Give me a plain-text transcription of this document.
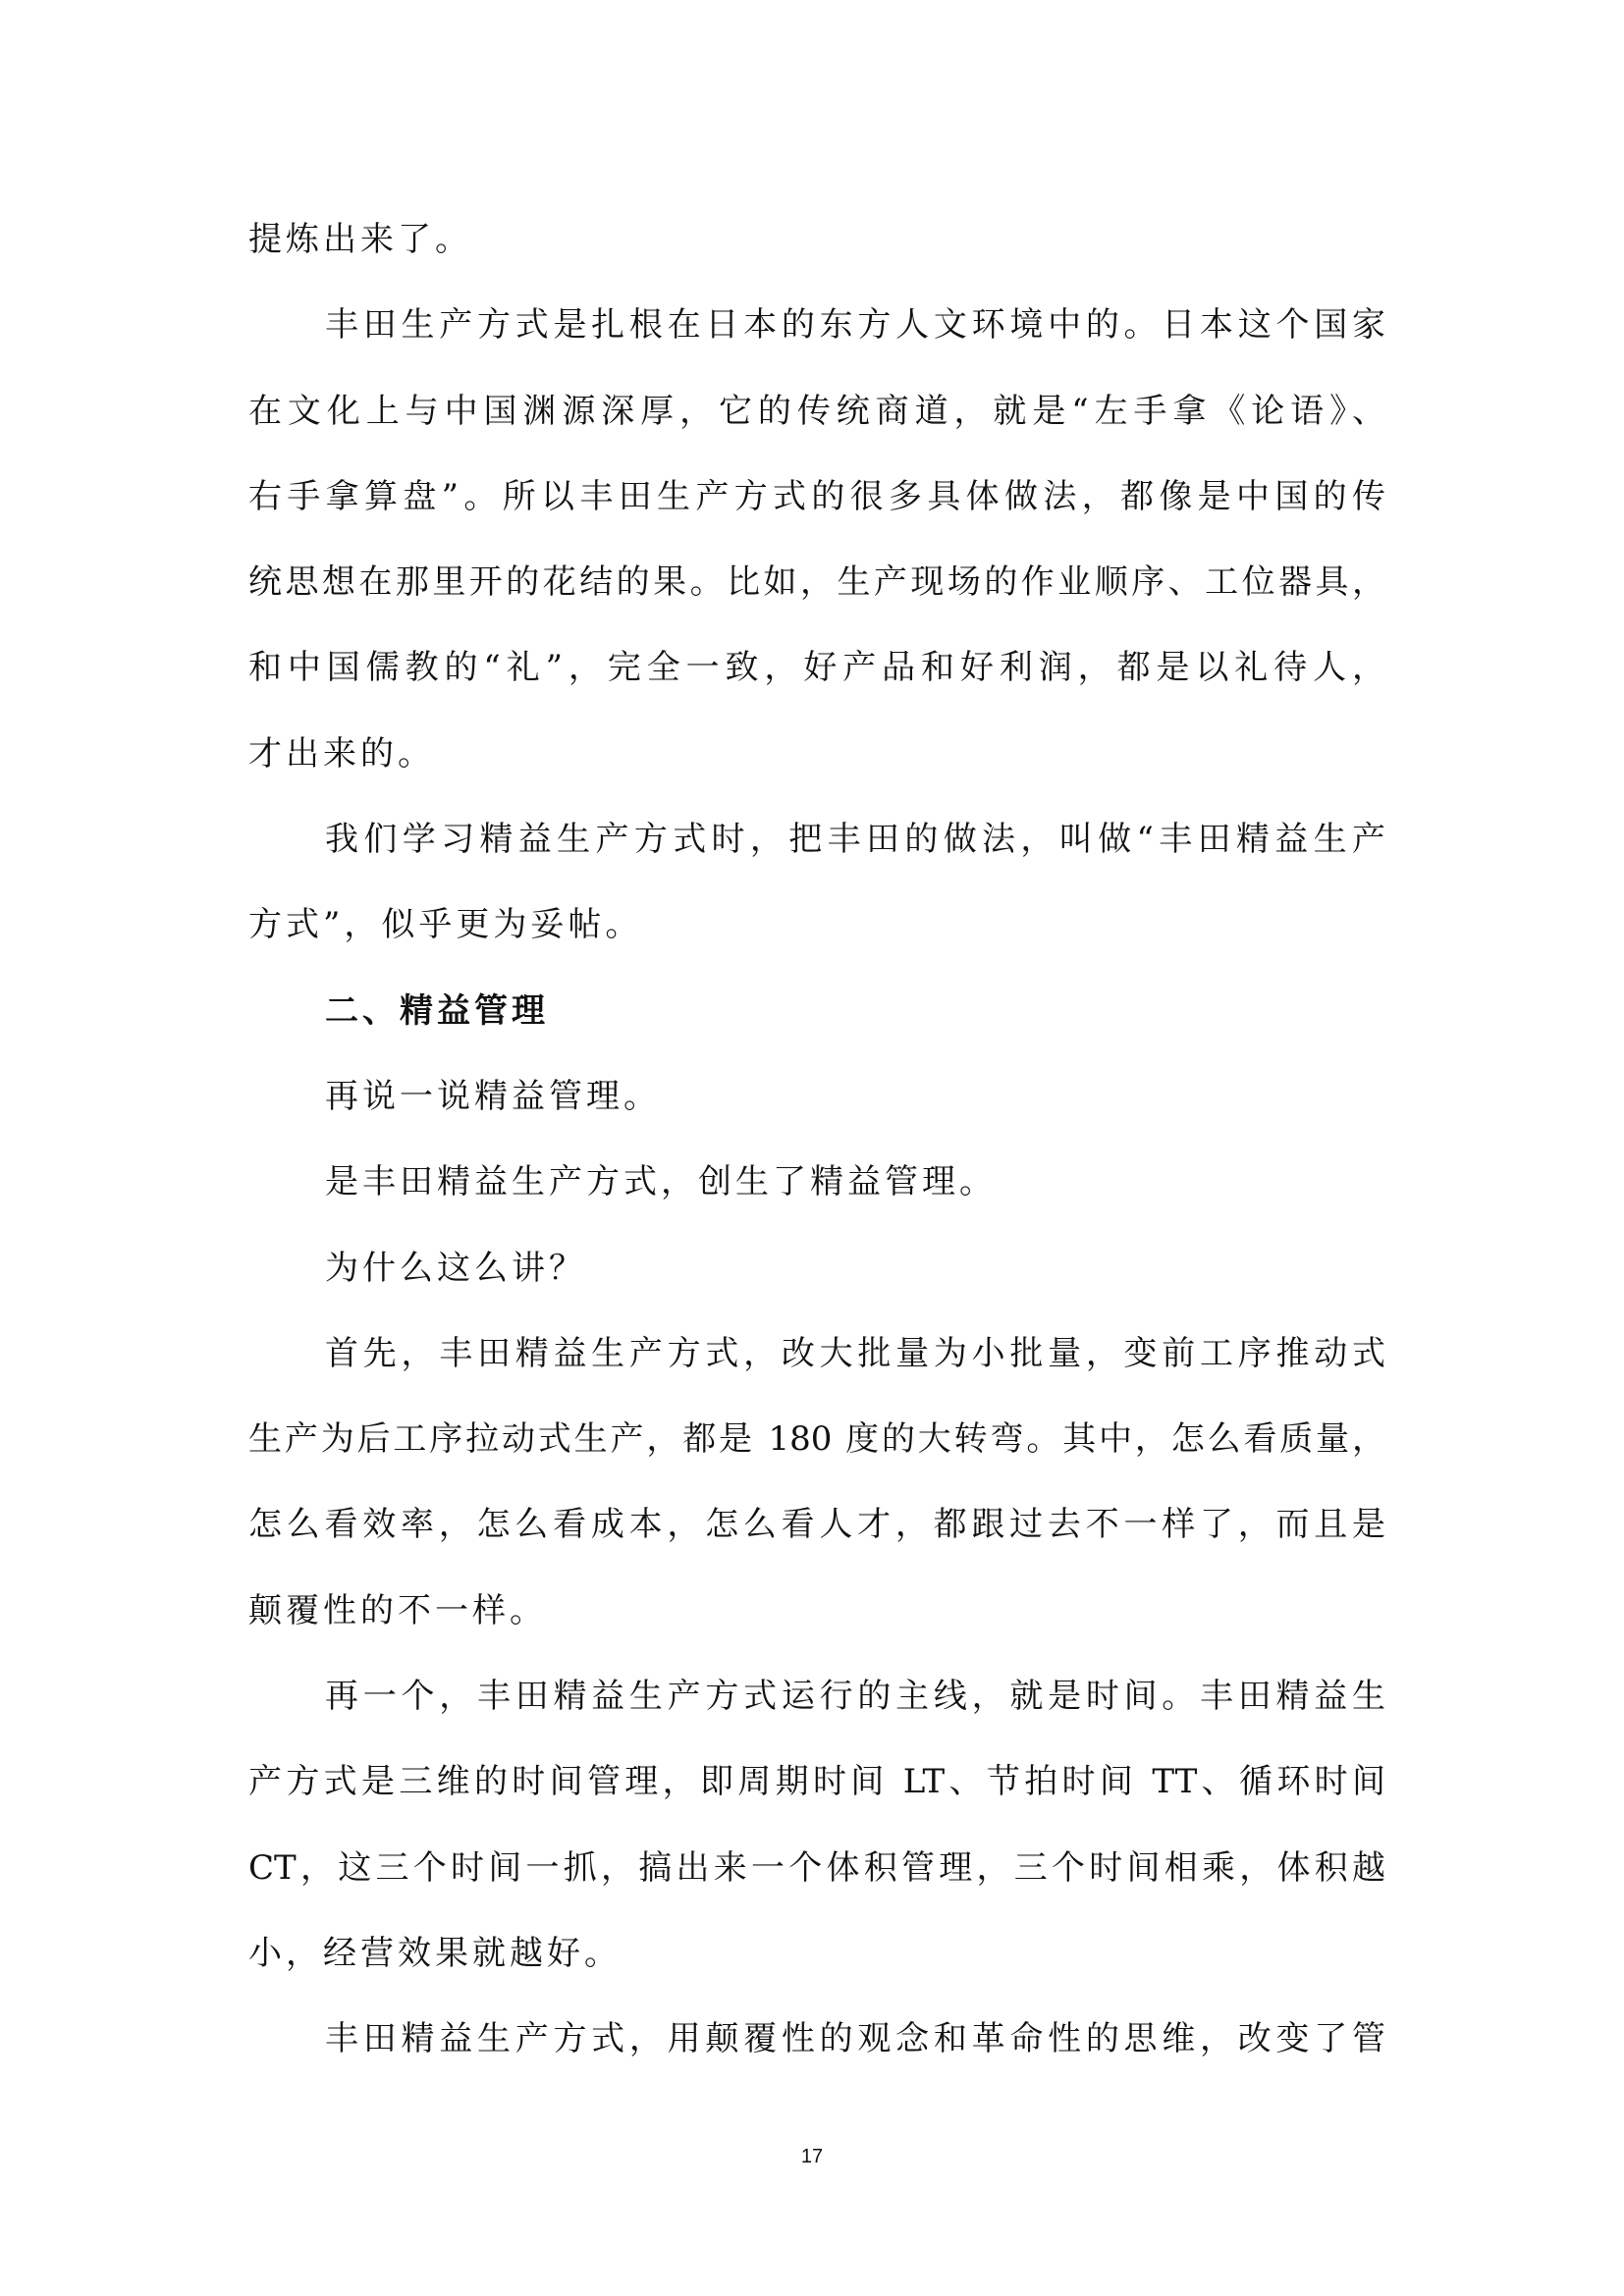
提炼出来了。
丰田生产方式是扎根在日本的东方人文环境中的。日本这个国家
在文化上与中国渊源深厚，它的传统商道，就是“左手拿《论语》、
右手拿算盘”。所以丰田生产方式的很多具体做法，都像是中国的传
统思想在那里开的花结的果。比如，生产现场的作业顺序、工位器具，
和中国儒教的“礼”，完全一致，好产品和好利润，都是以礼待人，
才出来的。
我们学习精益生产方式时，把丰田的做法，叫做“丰田精益生产
方式”，似乎更为妥帖。
二、精益管理
再说一说精益管理。
是丰田精益生产方式，创生了精益管理。
为什么这么讲？
首先，丰田精益生产方式，改大批量为小批量，变前工序推动式
生产为后工序拉动式生产，都是 180 度的大转弯。其中，怎么看质量，
怎么看效率，怎么看成本，怎么看人才，都跟过去不一样了，而且是
颠覆性的不一样。
再一个，丰田精益生产方式运行的主线，就是时间。丰田精益生
产方式是三维的时间管理，即周期时间 LT、节拍时间 TT、循环时间
CT，这三个时间一抓，搞出来一个体积管理，三个时间相乘，体积越
小，经营效果就越好。
丰田精益生产方式，用颠覆性的观念和革命性的思维，改变了管
17
